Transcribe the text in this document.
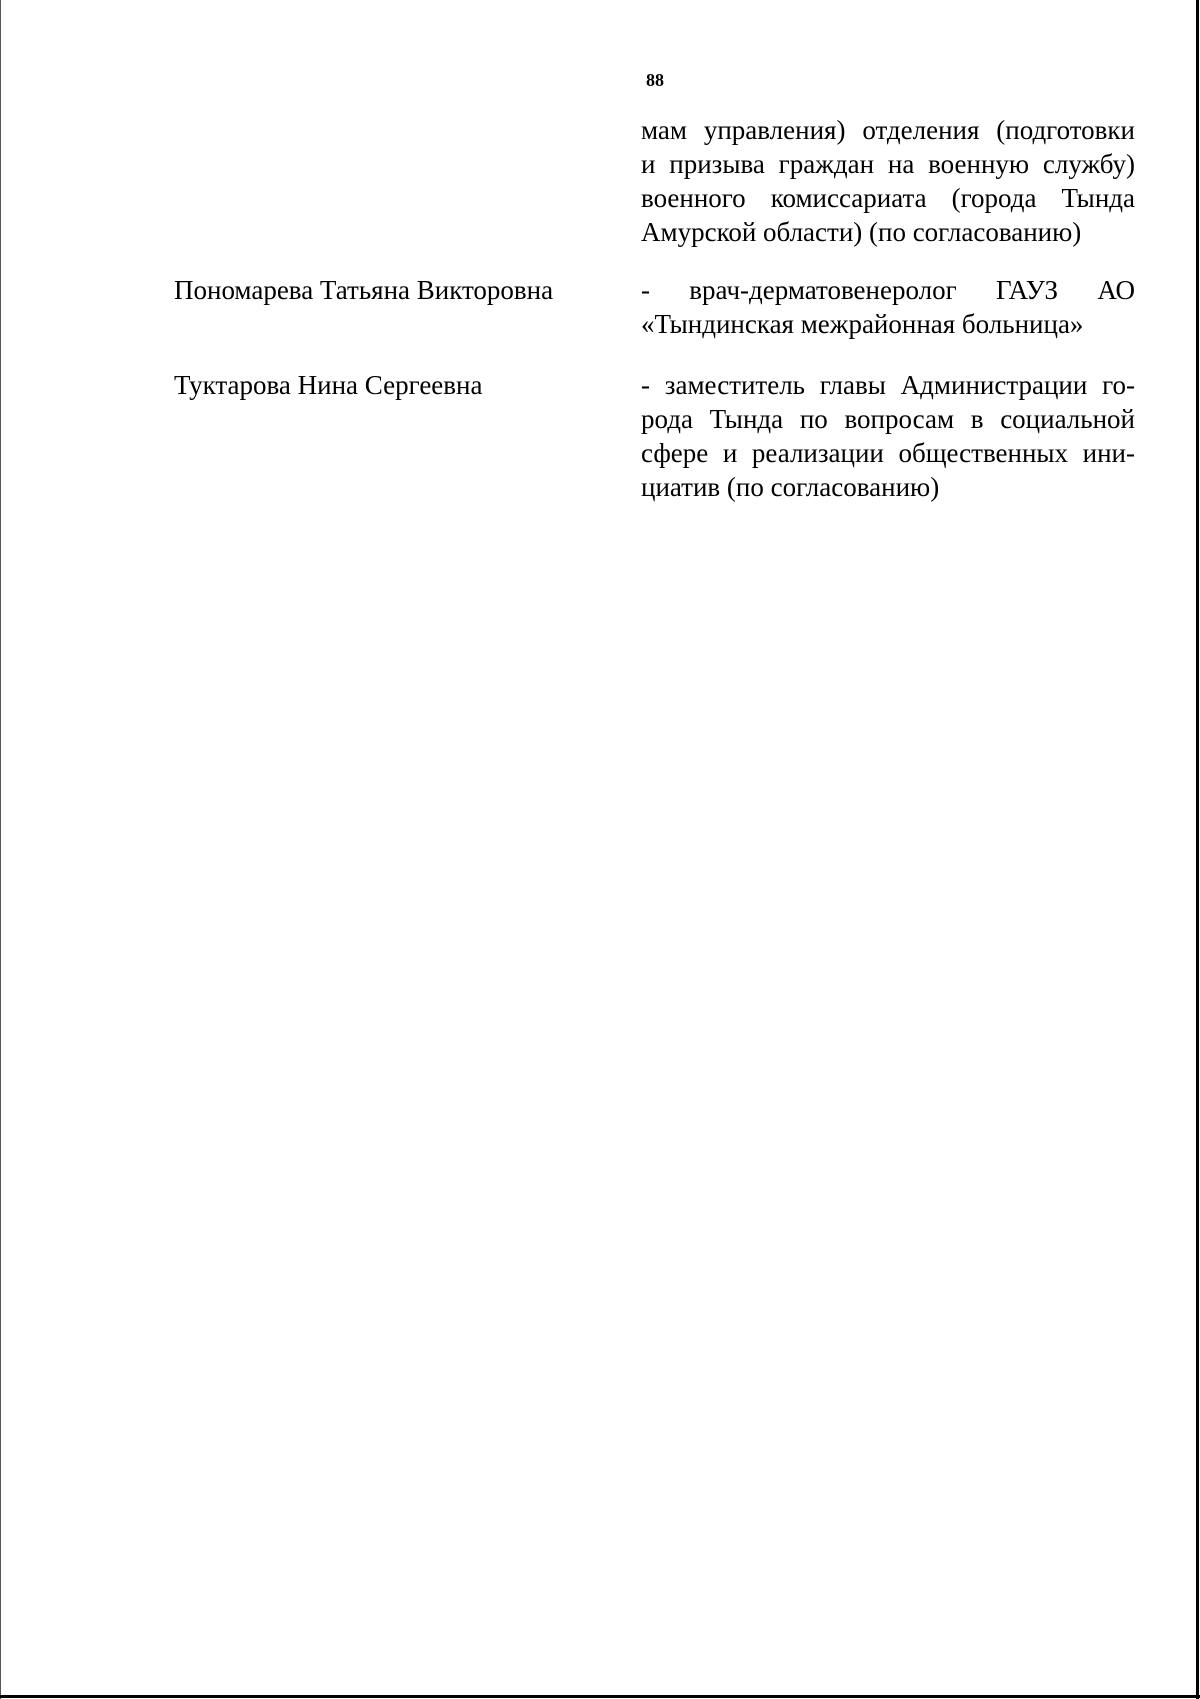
88
мам управления) отделения (подготовки
и призыва граждан на военную службу)
военного комиссариата (города Тында
Амурской области) (по согласованию)
Пономарева Татьяна Викторовна	- врач-дерматовенеролог ГАУЗ АО
«Тындинская межрайонная больница»
Туктарова Нина Сергеевна	- заместитель главы Администрации го-
рода Тында по вопросам в социальной
сфере и реализации общественных ини-
циатив (по согласованию)
